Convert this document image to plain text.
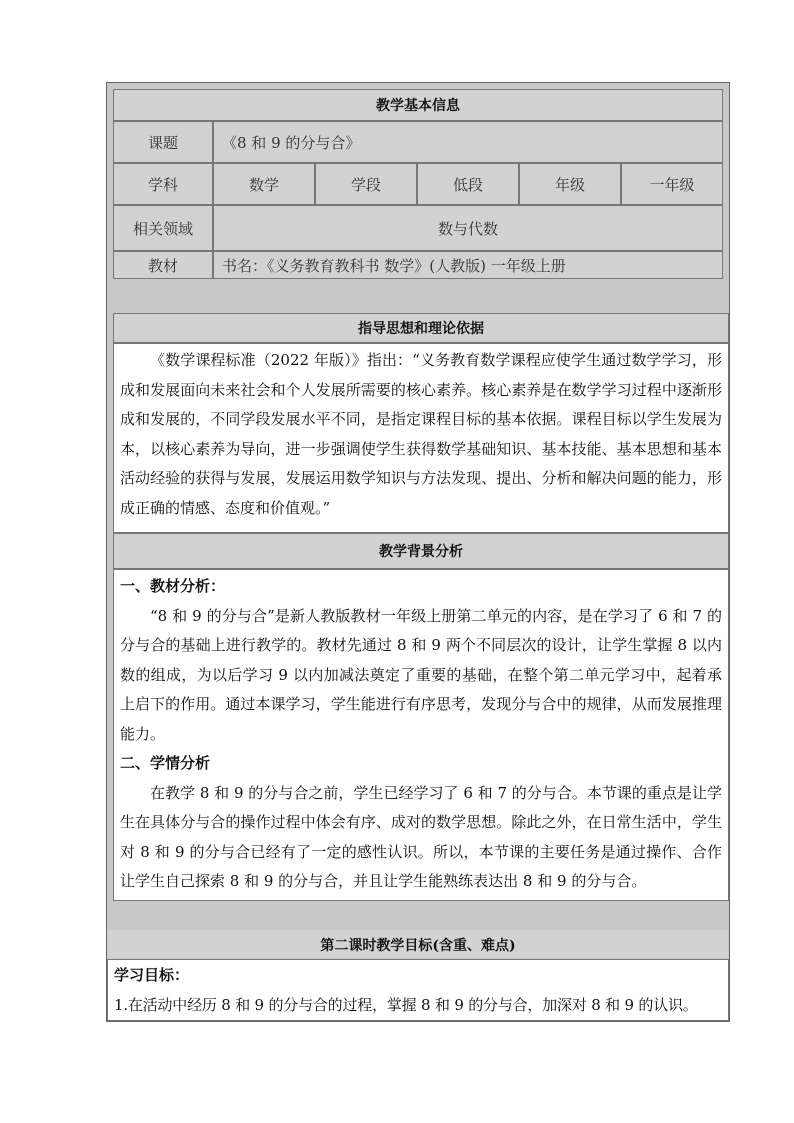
教学基本信息
课题	《8 和 9 的分与合》
学科	数学	学段	低段	年级	一年级
相关领域	数与代数
教材	书名：《义务教育教科书 数学》(人教版) 一年级上册
指导思想和理论依据

《数学课程标准（2022 年版）》指出：“义务教育数学课程应使学生通过数学学习，形成和发展面向未来社会和个人发展所需要的核心素养。核心素养是在数学学习过程中逐渐形成和发展的，不同学段发展水平不同，是指定课程目标的基本依据。课程目标以学生发展为本，以核心素养为导向，进一步强调使学生获得数学基础知识、基本技能、基本思想和基本活动经验的获得与发展，发展运用数学知识与方法发现、提出、分析和解决问题的能力，形成正确的情感、态度和价值观。”

教学背景分析

一、教材分析：

“8 和 9 的分与合”是新人教版教材一年级上册第二单元的内容，是在学习了 6 和 7 的分与合的基础上进行教学的。教材先通过 8 和 9 两个不同层次的设计，让学生掌握 8 以内数的组成，为以后学习 9 以内加减法奠定了重要的基础，在整个第二单元学习中，起着承上启下的作用。通过本课学习，学生能进行有序思考，发现分与合中的规律，从而发展推理能力。

二、学情分析

在教学 8 和 9 的分与合之前，学生已经学习了 6 和 7 的分与合。本节课的重点是让学生在具体分与合的操作过程中体会有序、成对的数学思想。除此之外，在日常生活中，学生对 8 和 9 的分与合已经有了一定的感性认识。所以，本节课的主要任务是通过操作、合作让学生自己探索 8 和 9 的分与合，并且让学生能熟练表达出 8 和 9 的分与合。

第二课时教学目标(含重、难点)

学习目标：

1.在活动中经历 8 和 9 的分与合的过程，掌握 8 和 9 的分与合，加深对 8 和 9 的认识。
